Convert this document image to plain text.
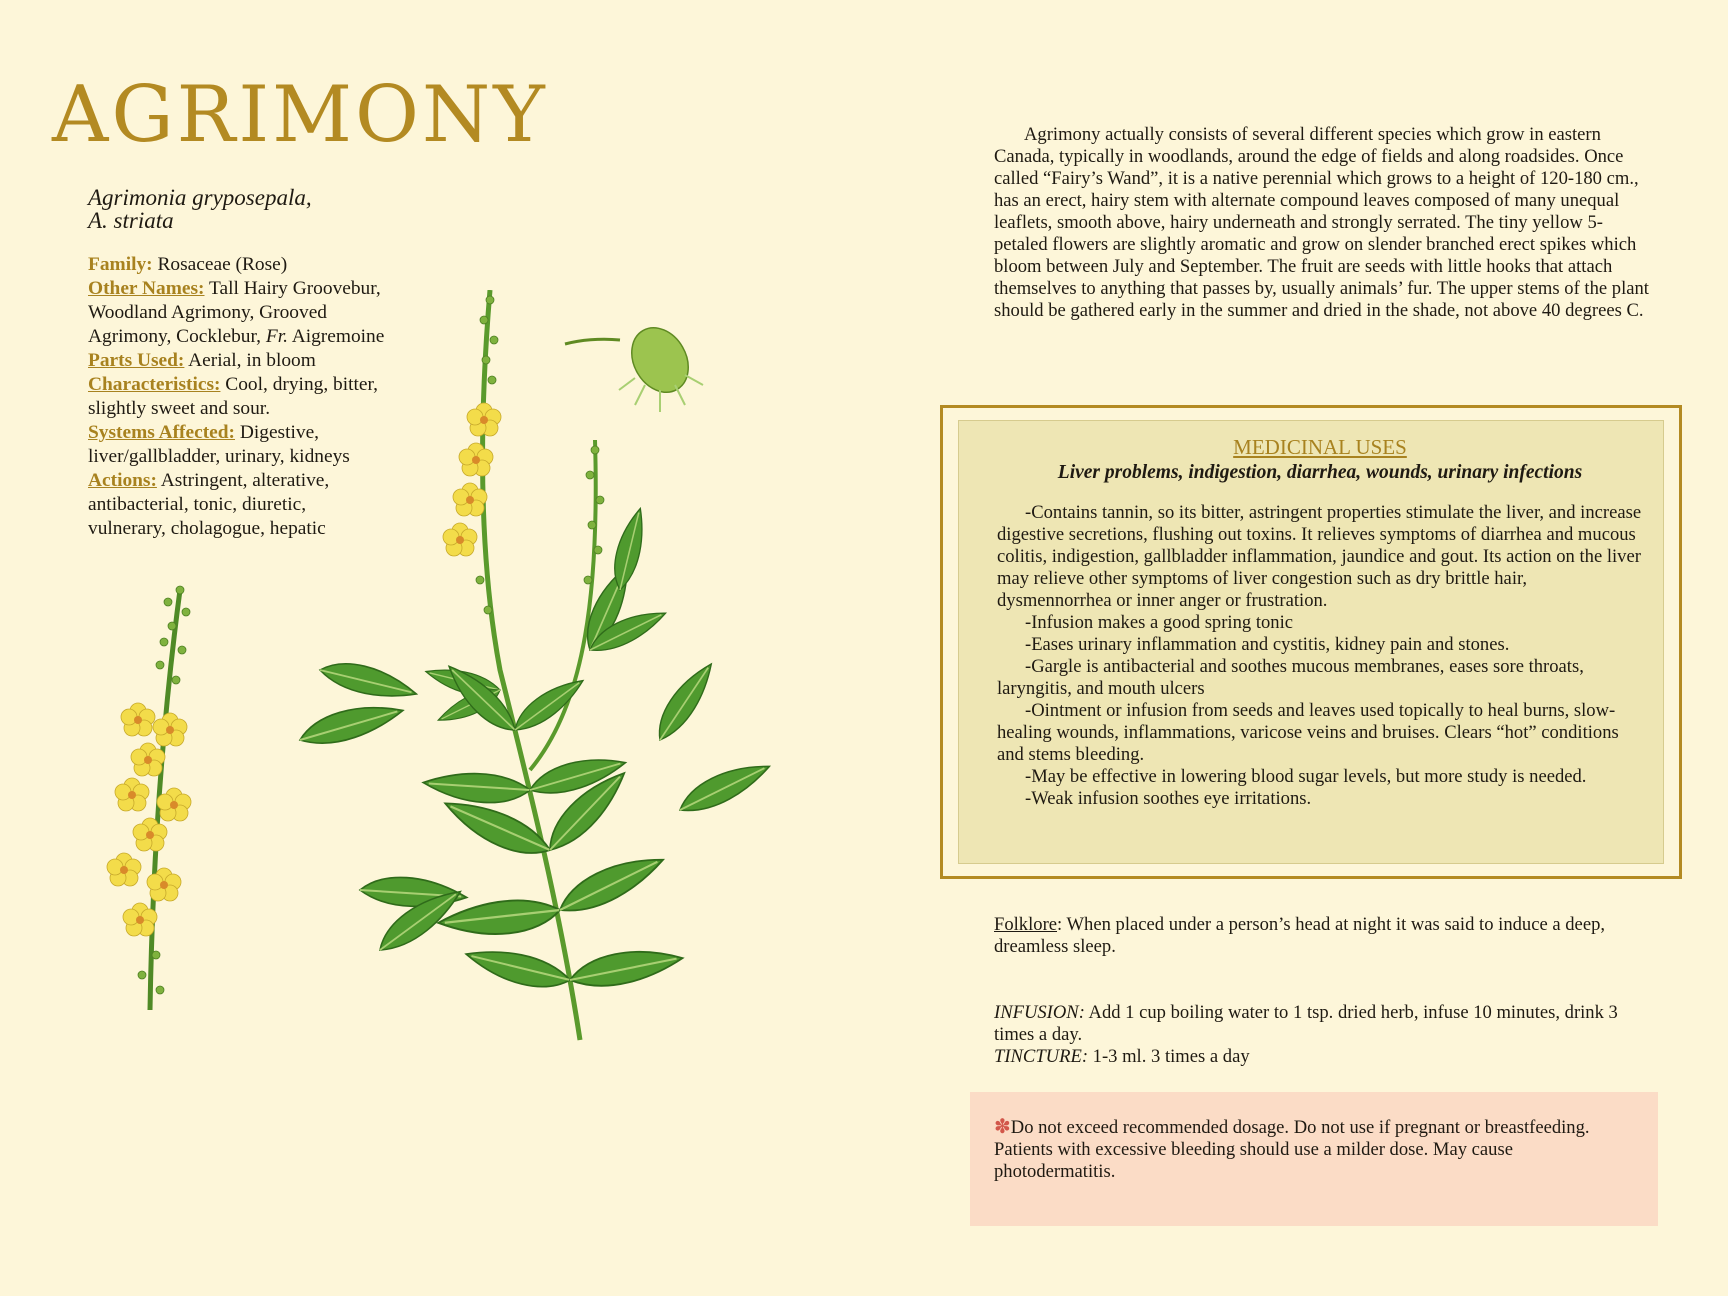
AGRIMONY
Agrimonia gryposepala,
A. striata
Family: Rosaceae (Rose)
Other Names: Tall Hairy Groovebur, Woodland Agrimony, Grooved Agrimony, Cocklebur, Fr. Aigremoine
Parts Used: Aerial, in bloom
Characteristics: Cool, drying, bitter, slightly sweet and sour.
Systems Affected: Digestive, liver/gallbladder, urinary, kidneys
Actions: Astringent, alterative, antibacterial, tonic, diuretic, vulnerary, cholagogue, hepatic

Agrimony actually consists of several different species which grow in eastern Canada, typically in woodlands, around the edge of fields and along roadsides. Once called “Fairy’s Wand”, it is a native perennial which grows to a height of 120-180 cm., has an erect, hairy stem with alternate compound leaves composed of many unequal leaflets, smooth above, hairy underneath and strongly serrated. The tiny yellow 5-petaled flowers are slightly aromatic and grow on slender branched erect spikes which bloom between July and September. The fruit are seeds with little hooks that attach themselves to anything that passes by, usually animals’ fur. The upper stems of the plant should be gathered early in the summer and dried in the shade, not above 40 degrees C.

MEDICINAL USES

Liver problems, indigestion, diarrhea, wounds, urinary infections

-Contains tannin, so its bitter, astringent properties stimulate the liver, and increase digestive secretions, flushing out toxins. It relieves symptoms of diarrhea and mucous colitis, indigestion, gallbladder inflammation, jaundice and gout. Its action on the liver may relieve other symptoms of liver congestion such as dry brittle hair, dysmennorrhea or inner anger or frustration.

-Infusion makes a good spring tonic

-Eases urinary inflammation and cystitis, kidney pain and stones.

-Gargle is antibacterial and soothes mucous membranes, eases sore throats, laryngitis, and mouth ulcers

-Ointment or infusion from seeds and leaves used topically to heal burns, slow-healing wounds, inflammations, varicose veins and bruises. Clears “hot” conditions and stems bleeding.

-May be effective in lowering blood sugar levels, but more study is needed.

-Weak infusion soothes eye irritations.

Folklore: When placed under a person’s head at night it was said to induce a deep, dreamless sleep.

INFUSION: Add 1 cup boiling water to 1 tsp. dried herb, infuse 10 minutes, drink 3 times a day.
TINCTURE: 1-3 ml. 3 times a day
✽Do not exceed recommended dosage. Do not use if pregnant or breastfeeding. Patients with excessive bleeding should use a milder dose. May cause photodermatitis.
